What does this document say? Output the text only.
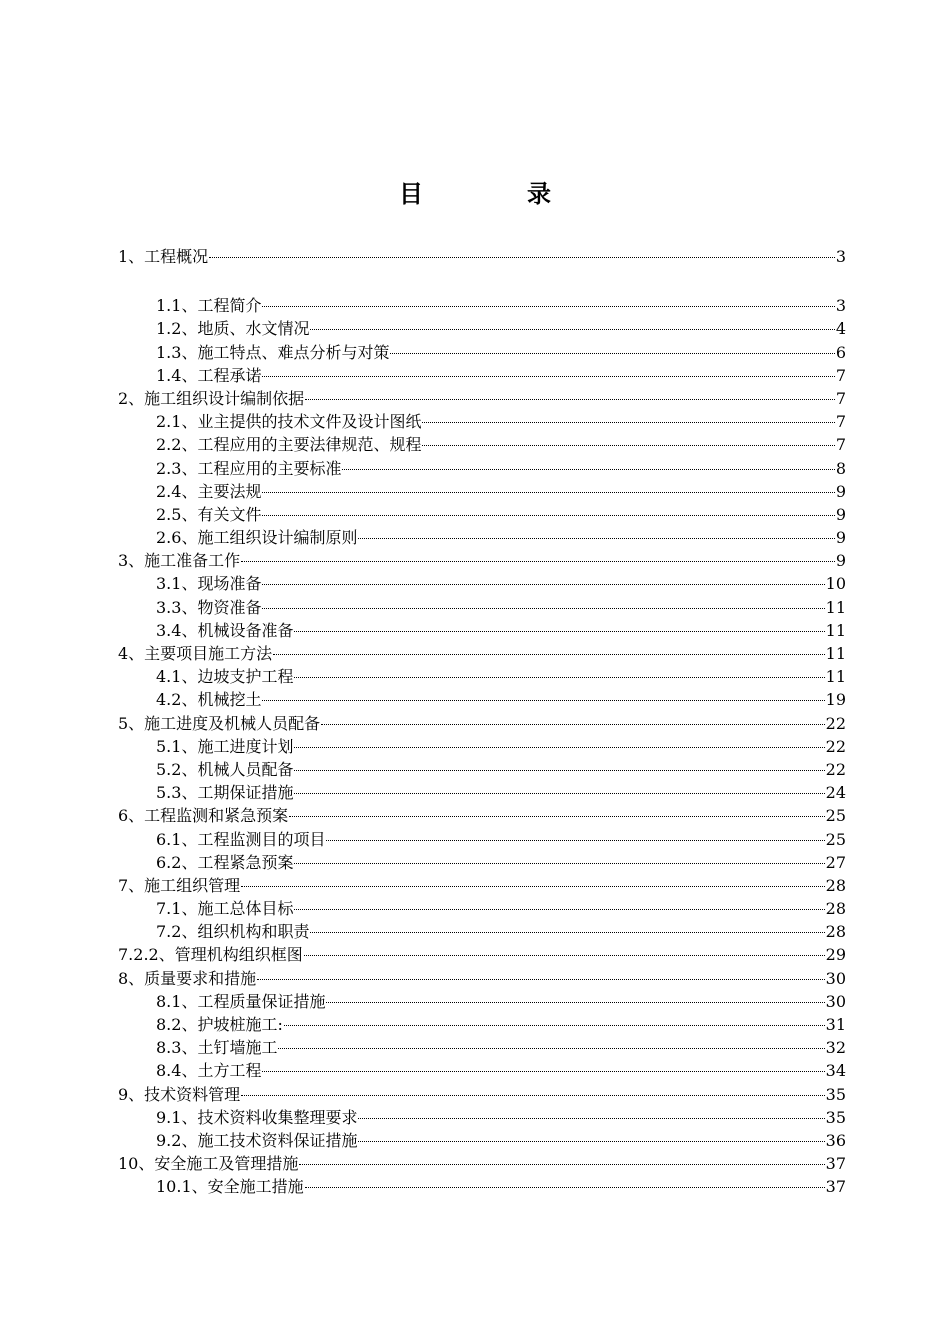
目　录
1、工程概况	3
1.1、工程简介	3
1.2、地质、水文情况	4
1.3、施工特点、难点分析与对策	6
1.4、工程承诺	7
2、施工组织设计编制依据	7
2.1、业主提供的技术文件及设计图纸	7
2.2、工程应用的主要法律规范、规程	7
2.3、工程应用的主要标准	8
2.4、主要法规	9
2.5、有关文件	9
2.6、施工组织设计编制原则	9
3、施工准备工作	9
3.1、现场准备	10
3.3、物资准备	11
3.4、机械设备准备	11
4、主要项目施工方法	11
4.1、边坡支护工程	11
4.2、机械挖土	19
5、施工进度及机械人员配备	22
5.1、施工进度计划	22
5.2、机械人员配备	22
5.3、工期保证措施	24
6、工程监测和紧急预案	25
6.1、工程监测目的项目	25
6.2、工程紧急预案	27
7、施工组织管理	28
7.1、施工总体目标	28
7.2、组织机构和职责	28
7.2.2、管理机构组织框图	29
8、质量要求和措施	30
8.1、工程质量保证措施	30
8.2、护坡桩施工:	31
8.3、土钉墙施工	32
8.4、土方工程	34
9、技术资料管理	35
9.1、技术资料收集整理要求	35
9.2、施工技术资料保证措施	36
10、安全施工及管理措施	37
10.1、安全施工措施	37
